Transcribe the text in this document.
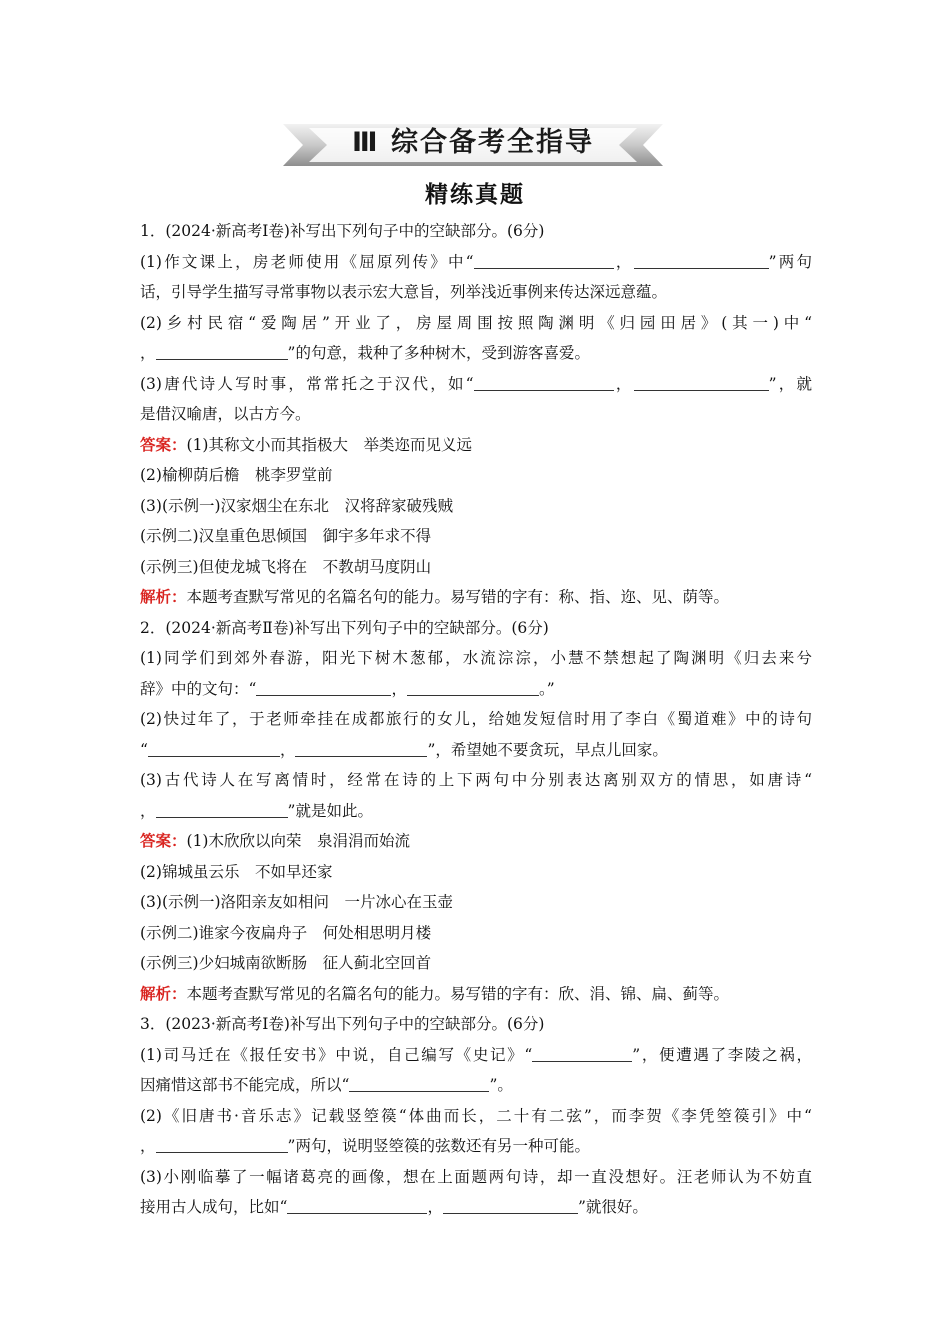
Ⅲ 综合备考全指导
精练真题
1．(2024·新高考Ⅰ卷)补写出下列句子中的空缺部分。(6分)
(1)作文课上，房老师使用《屈原列传》中“	，	”两句
话，引导学生描写寻常事物以表示宏大意旨，列举浅近事例来传达深远意蕴。
(2)乡村民宿“爱陶居”开业了，房屋周围按照陶渊明《归园田居》(其一)中“
，	”的句意，栽种了多种树木，受到游客喜爱。
(3)唐代诗人写时事，常常托之于汉代，如“	，	”，就
是借汉喻唐，以古方今。
答案：(1)其称文小而其指极大　举类迩而见义远
(2)榆柳荫后檐　桃李罗堂前
(3)(示例一)汉家烟尘在东北　汉将辞家破残贼
(示例二)汉皇重色思倾国　御宇多年求不得
(示例三)但使龙城飞将在　不教胡马度阴山
解析：本题考查默写常见的名篇名句的能力。易写错的字有：称、指、迩、见、荫等。
2．(2024·新高考Ⅱ卷)补写出下列句子中的空缺部分。(6分)
(1)同学们到郊外春游，阳光下树木葱郁，水流淙淙，小慧不禁想起了陶渊明《归去来兮
辞》中的文句：“	，	。”
(2)快过年了，于老师牵挂在成都旅行的女儿，给她发短信时用了李白《蜀道难》中的诗句
“	，	”，希望她不要贪玩，早点儿回家。
(3)古代诗人在写离情时，经常在诗的上下两句中分别表达离别双方的情思，如唐诗“
，	”就是如此。
答案：(1)木欣欣以向荣　泉涓涓而始流
(2)锦城虽云乐　不如早还家
(3)(示例一)洛阳亲友如相问　一片冰心在玉壶
(示例二)谁家今夜扁舟子　何处相思明月楼
(示例三)少妇城南欲断肠　征人蓟北空回首
解析：本题考查默写常见的名篇名句的能力。易写错的字有：欣、涓、锦、扁、蓟等。
3．(2023·新高考Ⅰ卷)补写出下列句子中的空缺部分。(6分)
(1)司马迁在《报任安书》中说，自己编写《史记》“	”，便遭遇了李陵之祸，
因痛惜这部书不能完成，所以“	”。
(2)《旧唐书·音乐志》记载竖箜篌“体曲而长，二十有二弦”，而李贺《李凭箜篌引》中“
，	”两句，说明竖箜篌的弦数还有另一种可能。
(3)小刚临摹了一幅诸葛亮的画像，想在上面题两句诗，却一直没想好。汪老师认为不妨直
接用古人成句，比如“	，	”就很好。
